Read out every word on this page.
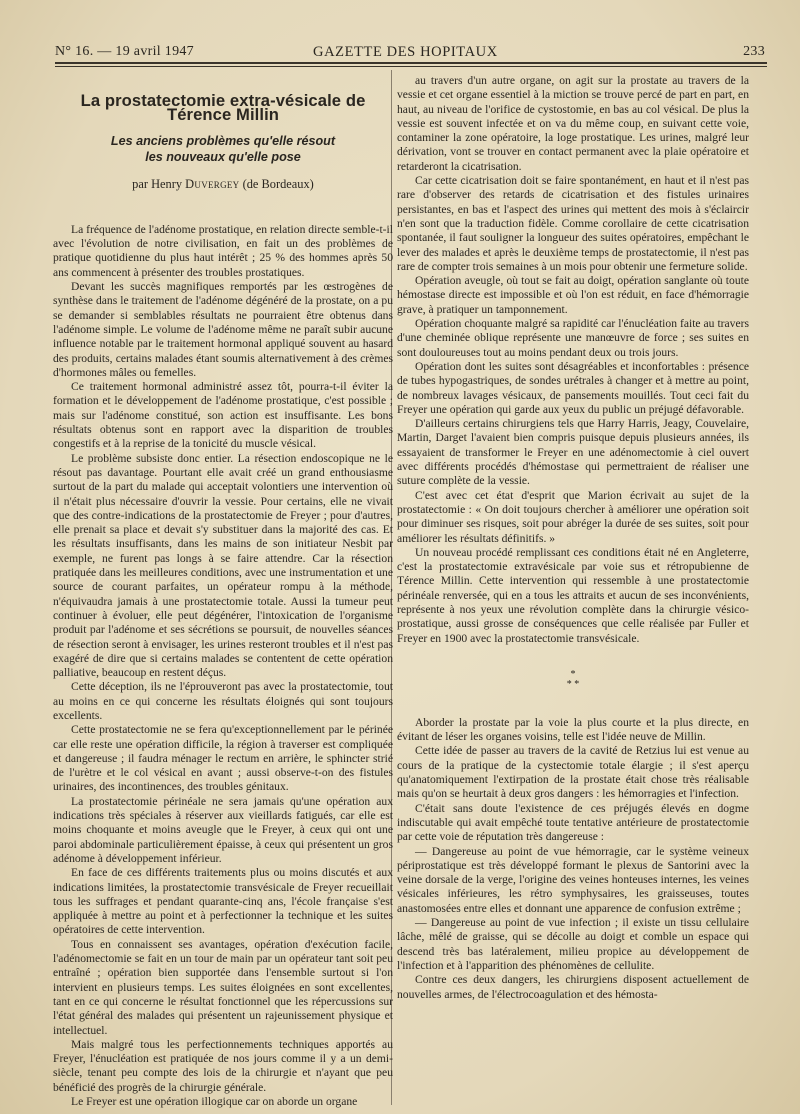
N° 16. — 19 avril 1947	GAZETTE DES HOPITAUX	233
La prostatectomie extra-vésicale de Térence Millin
Les anciens problèmes qu'elle résout
les nouveaux qu'elle pose
par Henry Duvergey (de Bordeaux)

La fréquence de l'adénome prostatique, en relation directe semble-t-il avec l'évolution de notre civilisation, en fait un des problèmes de pratique quotidienne du plus haut intérêt ; 25 % des hommes après 50 ans commencent à présenter des troubles prostatiques.

Devant les succès magnifiques remportés par les œstrogènes de synthèse dans le traitement de l'adénome dégénéré de la prostate, on a pu se demander si semblables résultats ne pourraient être obtenus dans l'adénome simple. Le volume de l'adénome même ne paraît subir aucune influence notable par le traitement hormonal appliqué souvent au hasard des produits, certains malades étant soumis alternativement à des crèmes d'hormones mâles ou femelles.

Ce traitement hormonal administré assez tôt, pourra-t-il éviter la formation et le développement de l'adénome prostatique, c'est possible ; mais sur l'adénome constitué, son action est insuffisante. Les bons résultats obtenus sont en rapport avec la disparition de troubles congestifs et à la reprise de la tonicité du muscle vésical.

Le problème subsiste donc entier. La résection endoscopique ne le résout pas davantage. Pourtant elle avait créé un grand enthousiasme surtout de la part du malade qui acceptait volontiers une intervention où il n'était plus nécessaire d'ouvrir la vessie. Pour certains, elle ne vivait que des contre-indications de la prostatectomie de Freyer ; pour d'autres, elle prenait sa place et devait s'y substituer dans la majorité des cas. Et les résultats insuffisants, dans les mains de son initiateur Nesbit par exemple, ne furent pas longs à se faire attendre. Car la résection pratiquée dans les meilleures conditions, avec une instrumentation et une source de courant parfaites, un opérateur rompu à la méthode, n'équivaudra jamais à une prostatectomie totale. Aussi la tumeur peut continuer à évoluer, elle peut dégénérer, l'intoxication de l'organisme produit par l'adénome et ses sécrétions se poursuit, de nouvelles séances de résection seront à envisager, les urines resteront troubles et il n'est pas exagéré de dire que si certains malades se contentent de cette opération palliative, beaucoup en restent déçus.

Cette déception, ils ne l'éprouveront pas avec la prostatectomie, tout au moins en ce qui concerne les résultats éloignés qui sont toujours excellents.

Cette prostatectomie ne se fera qu'exceptionnellement par le périnée car elle reste une opération difficile, la région à traverser est compliquée et dangereuse ; il faudra ménager le rectum en arrière, le sphincter strié de l'urètre et le col vésical en avant ; aussi observe-t-on des fistules urinaires, des incontinences, des troubles génitaux.

La prostatectomie périnéale ne sera jamais qu'une opération aux indications très spéciales à réserver aux vieillards fatigués, car elle est moins choquante et moins aveugle que le Freyer, à ceux qui ont une paroi abdominale particulièrement épaisse, à ceux qui présentent un gros adénome à développement inférieur.

En face de ces différents traitements plus ou moins discutés et aux indications limitées, la prostatectomie transvésicale de Freyer recueillait tous les suffrages et pendant quarante-cinq ans, l'école française s'est appliquée à mettre au point et à perfectionner la technique et les suites opératoires de cette intervention.

Tous en connaissent ses avantages, opération d'exécution facile, l'adénomectomie se fait en un tour de main par un opérateur tant soit peu entraîné ; opération bien supportée dans l'ensemble surtout si l'on intervient en plusieurs temps. Les suites éloignées en sont excellentes, tant en ce qui concerne le résultat fonctionnel que les répercussions sur l'état général des malades qui présentent un rajeunissement physique et intellectuel.

Mais malgré tous les perfectionnements techniques apportés au Freyer, l'énucléation est pratiquée de nos jours comme il y a un demi-siècle, tenant peu compte des lois de la chirurgie et n'ayant que peu bénéficié des progrès de la chirurgie générale.

Le Freyer est une opération illogique car on aborde un organe

au travers d'un autre organe, on agit sur la prostate au travers de la vessie et cet organe essentiel à la miction se trouve percé de part en part, en haut, au niveau de l'orifice de cystostomie, en bas au col vésical. De plus la vessie est souvent infectée et on va du même coup, en suivant cette voie, contaminer la zone opératoire, la loge prostatique. Les urines, malgré leur dérivation, vont se trouver en contact permanent avec la plaie opératoire et retarderont la cicatrisation.

Car cette cicatrisation doit se faire spontanément, en haut et il n'est pas rare d'observer des retards de cicatrisation et des fistules urinaires persistantes, en bas et l'aspect des urines qui mettent des mois à s'éclaircir n'en sont que la traduction fidèle. Comme corollaire de cette cicatrisation spontanée, il faut souligner la longueur des suites opératoires, empêchant le lever des malades et après le deuxième temps de prostatectomie, il n'est pas rare de compter trois semaines à un mois pour obtenir une fermeture solide.

Opération aveugle, où tout se fait au doigt, opération sanglante où toute hémostase directe est impossible et où l'on est réduit, en face d'hémorragie grave, à pratiquer un tamponnement.

Opération choquante malgré sa rapidité car l'énucléation faite au travers d'une cheminée oblique représente une manœuvre de force ; ses suites en sont douloureuses tout au moins pendant deux ou trois jours.

Opération dont les suites sont désagréables et inconfortables : présence de tubes hypogastriques, de sondes urétrales à changer et à mettre au point, de nombreux lavages vésicaux, de pansements mouillés. Tout ceci fait du Freyer une opération qui garde aux yeux du public un préjugé défavorable.

D'ailleurs certains chirurgiens tels que Harry Harris, Jeagy, Couvelaire, Martin, Darget l'avaient bien compris puisque depuis plusieurs années, ils essayaient de transformer le Freyer en une adénomectomie à ciel ouvert avec différents procédés d'hémostase qui permettraient de réaliser une suture complète de la vessie.

C'est avec cet état d'esprit que Marion écrivait au sujet de la prostatectomie : « On doit toujours chercher à améliorer une opération soit pour diminuer ses risques, soit pour abréger la durée de ses suites, soit pour améliorer les résultats définitifs. »

Un nouveau procédé remplissant ces conditions était né en Angleterre, c'est la prostatectomie extravésicale par voie sus et rétropubienne de Térence Millin. Cette intervention qui ressemble à une prostatectomie périnéale renversée, qui en a tous les attraits et aucun de ses inconvénients, représente à nos yeux une révolution complète dans la chirurgie vésico-prostatique, aussi grosse de conséquences que celle réalisée par Fuller et Freyer en 1900 avec la prostatectomie transvésicale.

*
* *

Aborder la prostate par la voie la plus courte et la plus directe, en évitant de léser les organes voisins, telle est l'idée neuve de Millin.

Cette idée de passer au travers de la cavité de Retzius lui est venue au cours de la pratique de la cystectomie totale élargie ; il s'est aperçu qu'anatomiquement l'extirpation de la prostate était chose très réalisable mais qu'on se heurtait à deux gros dangers : les hémorragies et l'infection.

C'était sans doute l'existence de ces préjugés élevés en dogme indiscutable qui avait empêché toute tentative antérieure de prostatectomie par cette voie de réputation très dangereuse :

— Dangereuse au point de vue hémorragie, car le système veineux périprostatique est très développé formant le plexus de Santorini avec la veine dorsale de la verge, l'origine des veines honteuses internes, les veines vésicales inférieures, les rétro symphysaires, les graisseuses, toutes anastomosées entre elles et donnant une apparence de confusion extrême ;

— Dangereuse au point de vue infection ; il existe un tissu cellulaire lâche, mêlé de graisse, qui se décolle au doigt et comble un espace qui descend très bas latéralement, milieu propice au développement de l'infection et à l'apparition des phénomènes de cellulite.

Contre ces deux dangers, les chirurgiens disposent actuellement de nouvelles armes, de l'électrocoagulation et des hémosta-
